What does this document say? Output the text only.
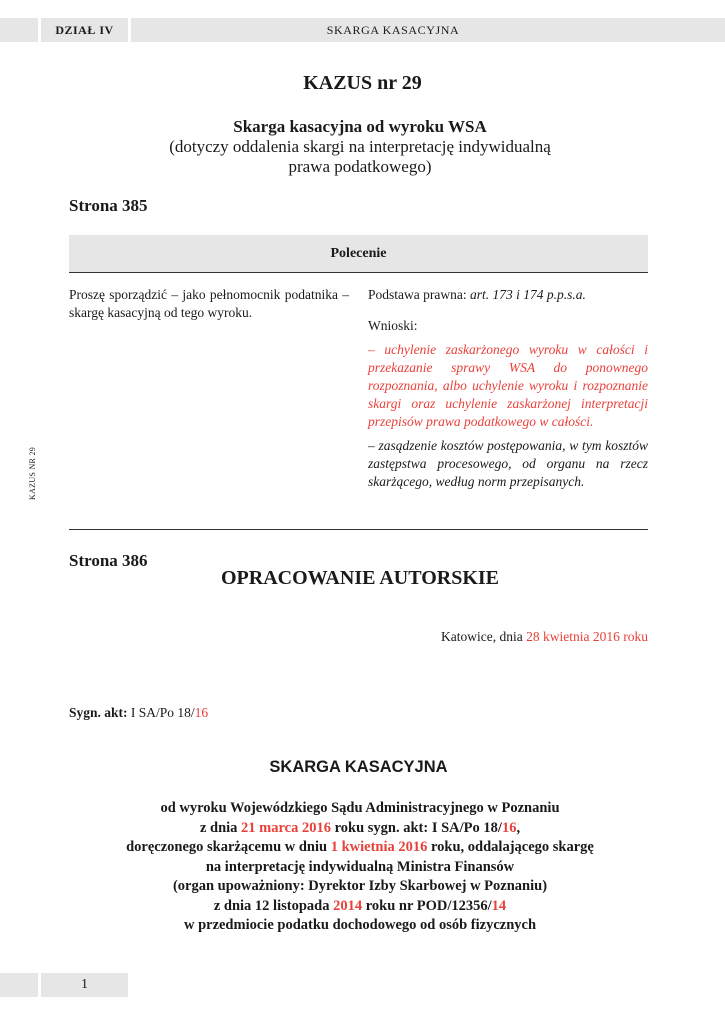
DZIAŁ IV	SKARGA KASACYJNA
KAZUS NR 29
KAZUS nr 29
Skarga kasacyjna od wyroku WSA
(dotyczy oddalenia skargi na interpretację indywidualną
prawa podatkowego)
Strona 385
Polecenie
Proszę sporządzić – jako pełnomocnik podatnika – skargę kasacyjną od tego wyroku.

Podstawa prawna: art. 173 i 174 p.p.s.a.

Wnioski:

– uchylenie zaskarżonego wyroku w całości i przekazanie sprawy WSA do ponownego rozpoznania, albo uchylenie wyroku i rozpoznanie skargi oraz uchylenie zaskarżonej interpretacji przepisów prawa podatkowego w całości.

– zasądzenie kosztów postępowania, w tym kosztów zastępstwa procesowego, od organu na rzecz skarżącego, według norm przepisanych.

Strona 386
OPRACOWANIE AUTORSKIE
Katowice, dnia 28 kwietnia 2016 roku
Sygn. akt: I SA/Po 18/16
SKARGA KASACYJNA
od wyroku Wojewódzkiego Sądu Administracyjnego w Poznaniu
z dnia 21 marca 2016 roku sygn. akt: I SA/Po 18/16,
doręczonego skarżącemu w dniu 1 kwietnia 2016 roku, oddalającego skargę
na interpretację indywidualną Ministra Finansów
(organ upoważniony: Dyrektor Izby Skarbowej w Poznaniu)
z dnia 12 listopada 2014 roku nr POD/12356/14
w przedmiocie podatku dochodowego od osób fizycznych
1
